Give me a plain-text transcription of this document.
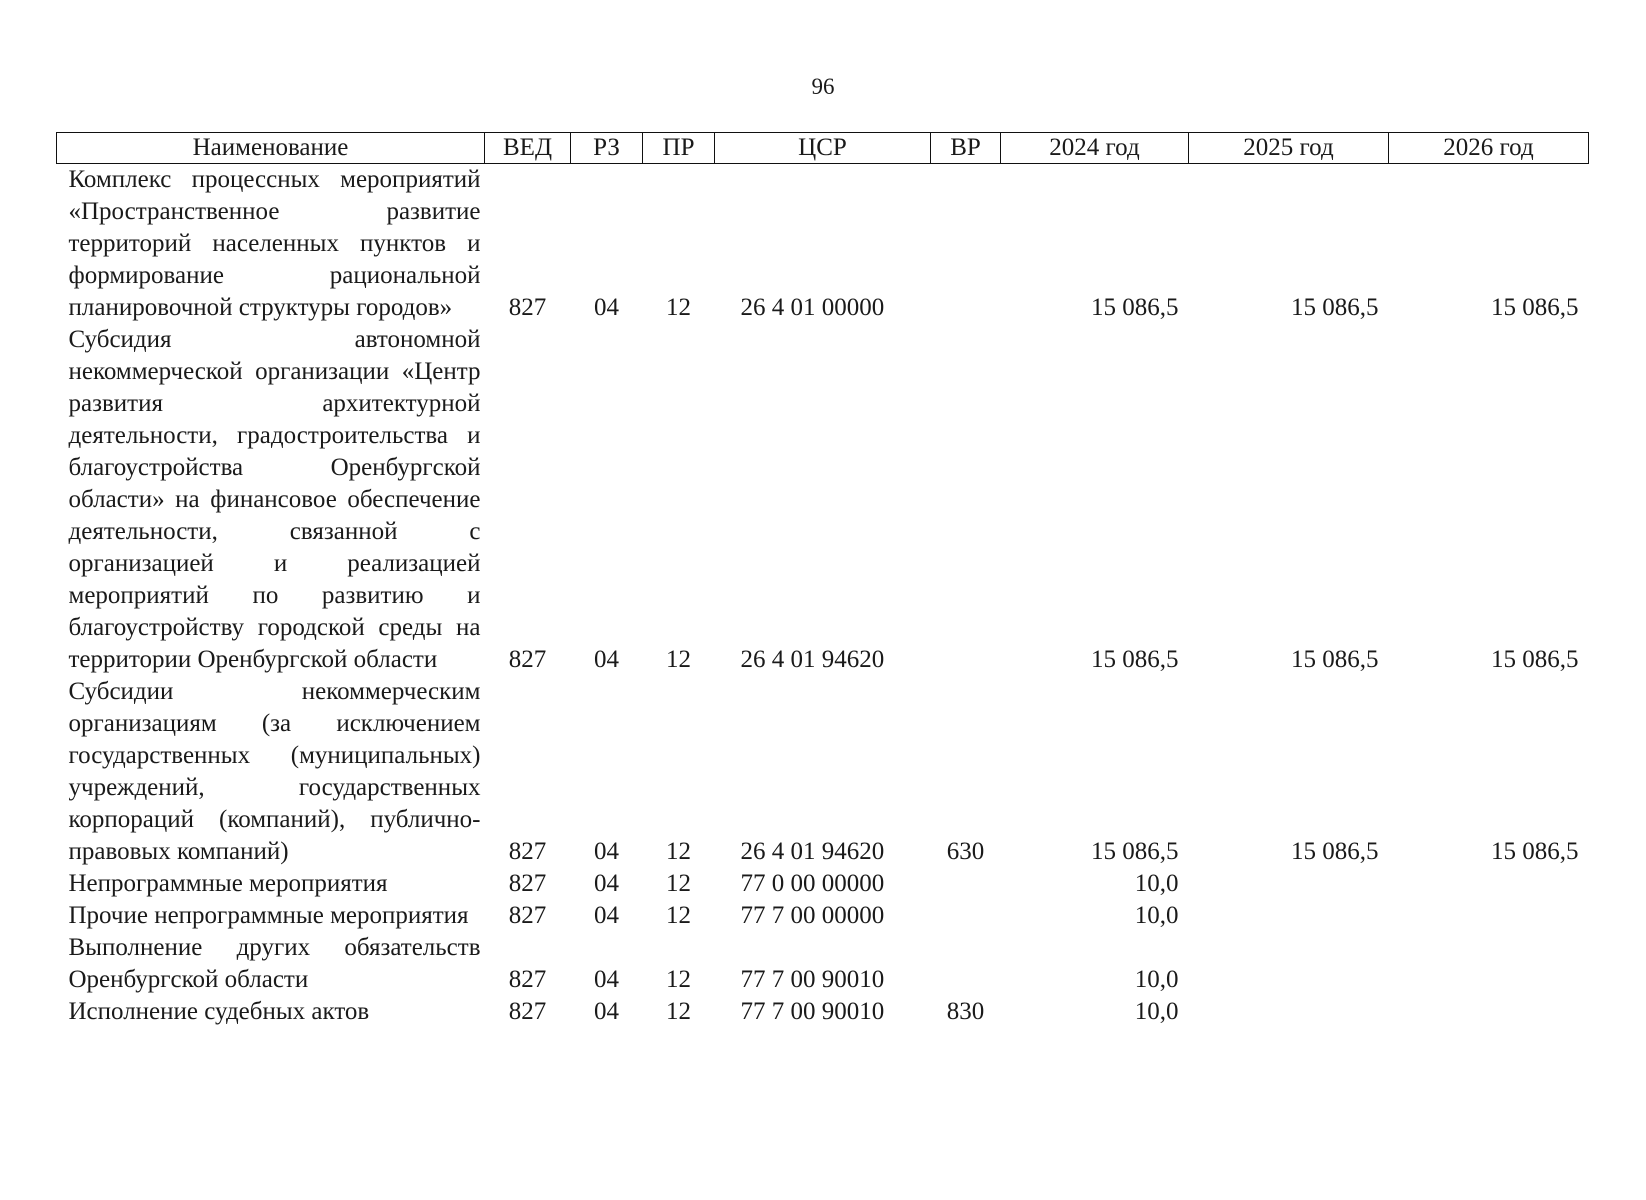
96
Наименование	ВЕД	РЗ	ПР	ЦСР	ВР	2024 год	2025 год	2026 год
Комплекс процессных мероприятий «Пространственное развитие территорий населенных пунктов и формирование рациональной планировочной структуры городов»	827	04	12	26 4 01 00000		15 086,5	15 086,5	15 086,5
Субсидия автономной некоммерческой организации «Центр развития архитектурной деятельности, градостроительства и благоустройства Оренбургской области» на финансовое обеспечение деятельности, связанной с организацией и реализацией мероприятий по развитию и благоустройству городской среды на территории Оренбургской области	827	04	12	26 4 01 94620		15 086,5	15 086,5	15 086,5
Субсидии некоммерческим организациям (за исключением государственных (муниципальных) учреждений, государственных корпораций (компаний), публично-правовых компаний)	827	04	12	26 4 01 94620	630	15 086,5	15 086,5	15 086,5
Непрограммные мероприятия	827	04	12	77 0 00 00000		10,0		
Прочие непрограммные мероприятия	827	04	12	77 7 00 00000		10,0		
Выполнение других обязательств Оренбургской области	827	04	12	77 7 00 90010		10,0		
Исполнение судебных актов	827	04	12	77 7 00 90010	830	10,0		
